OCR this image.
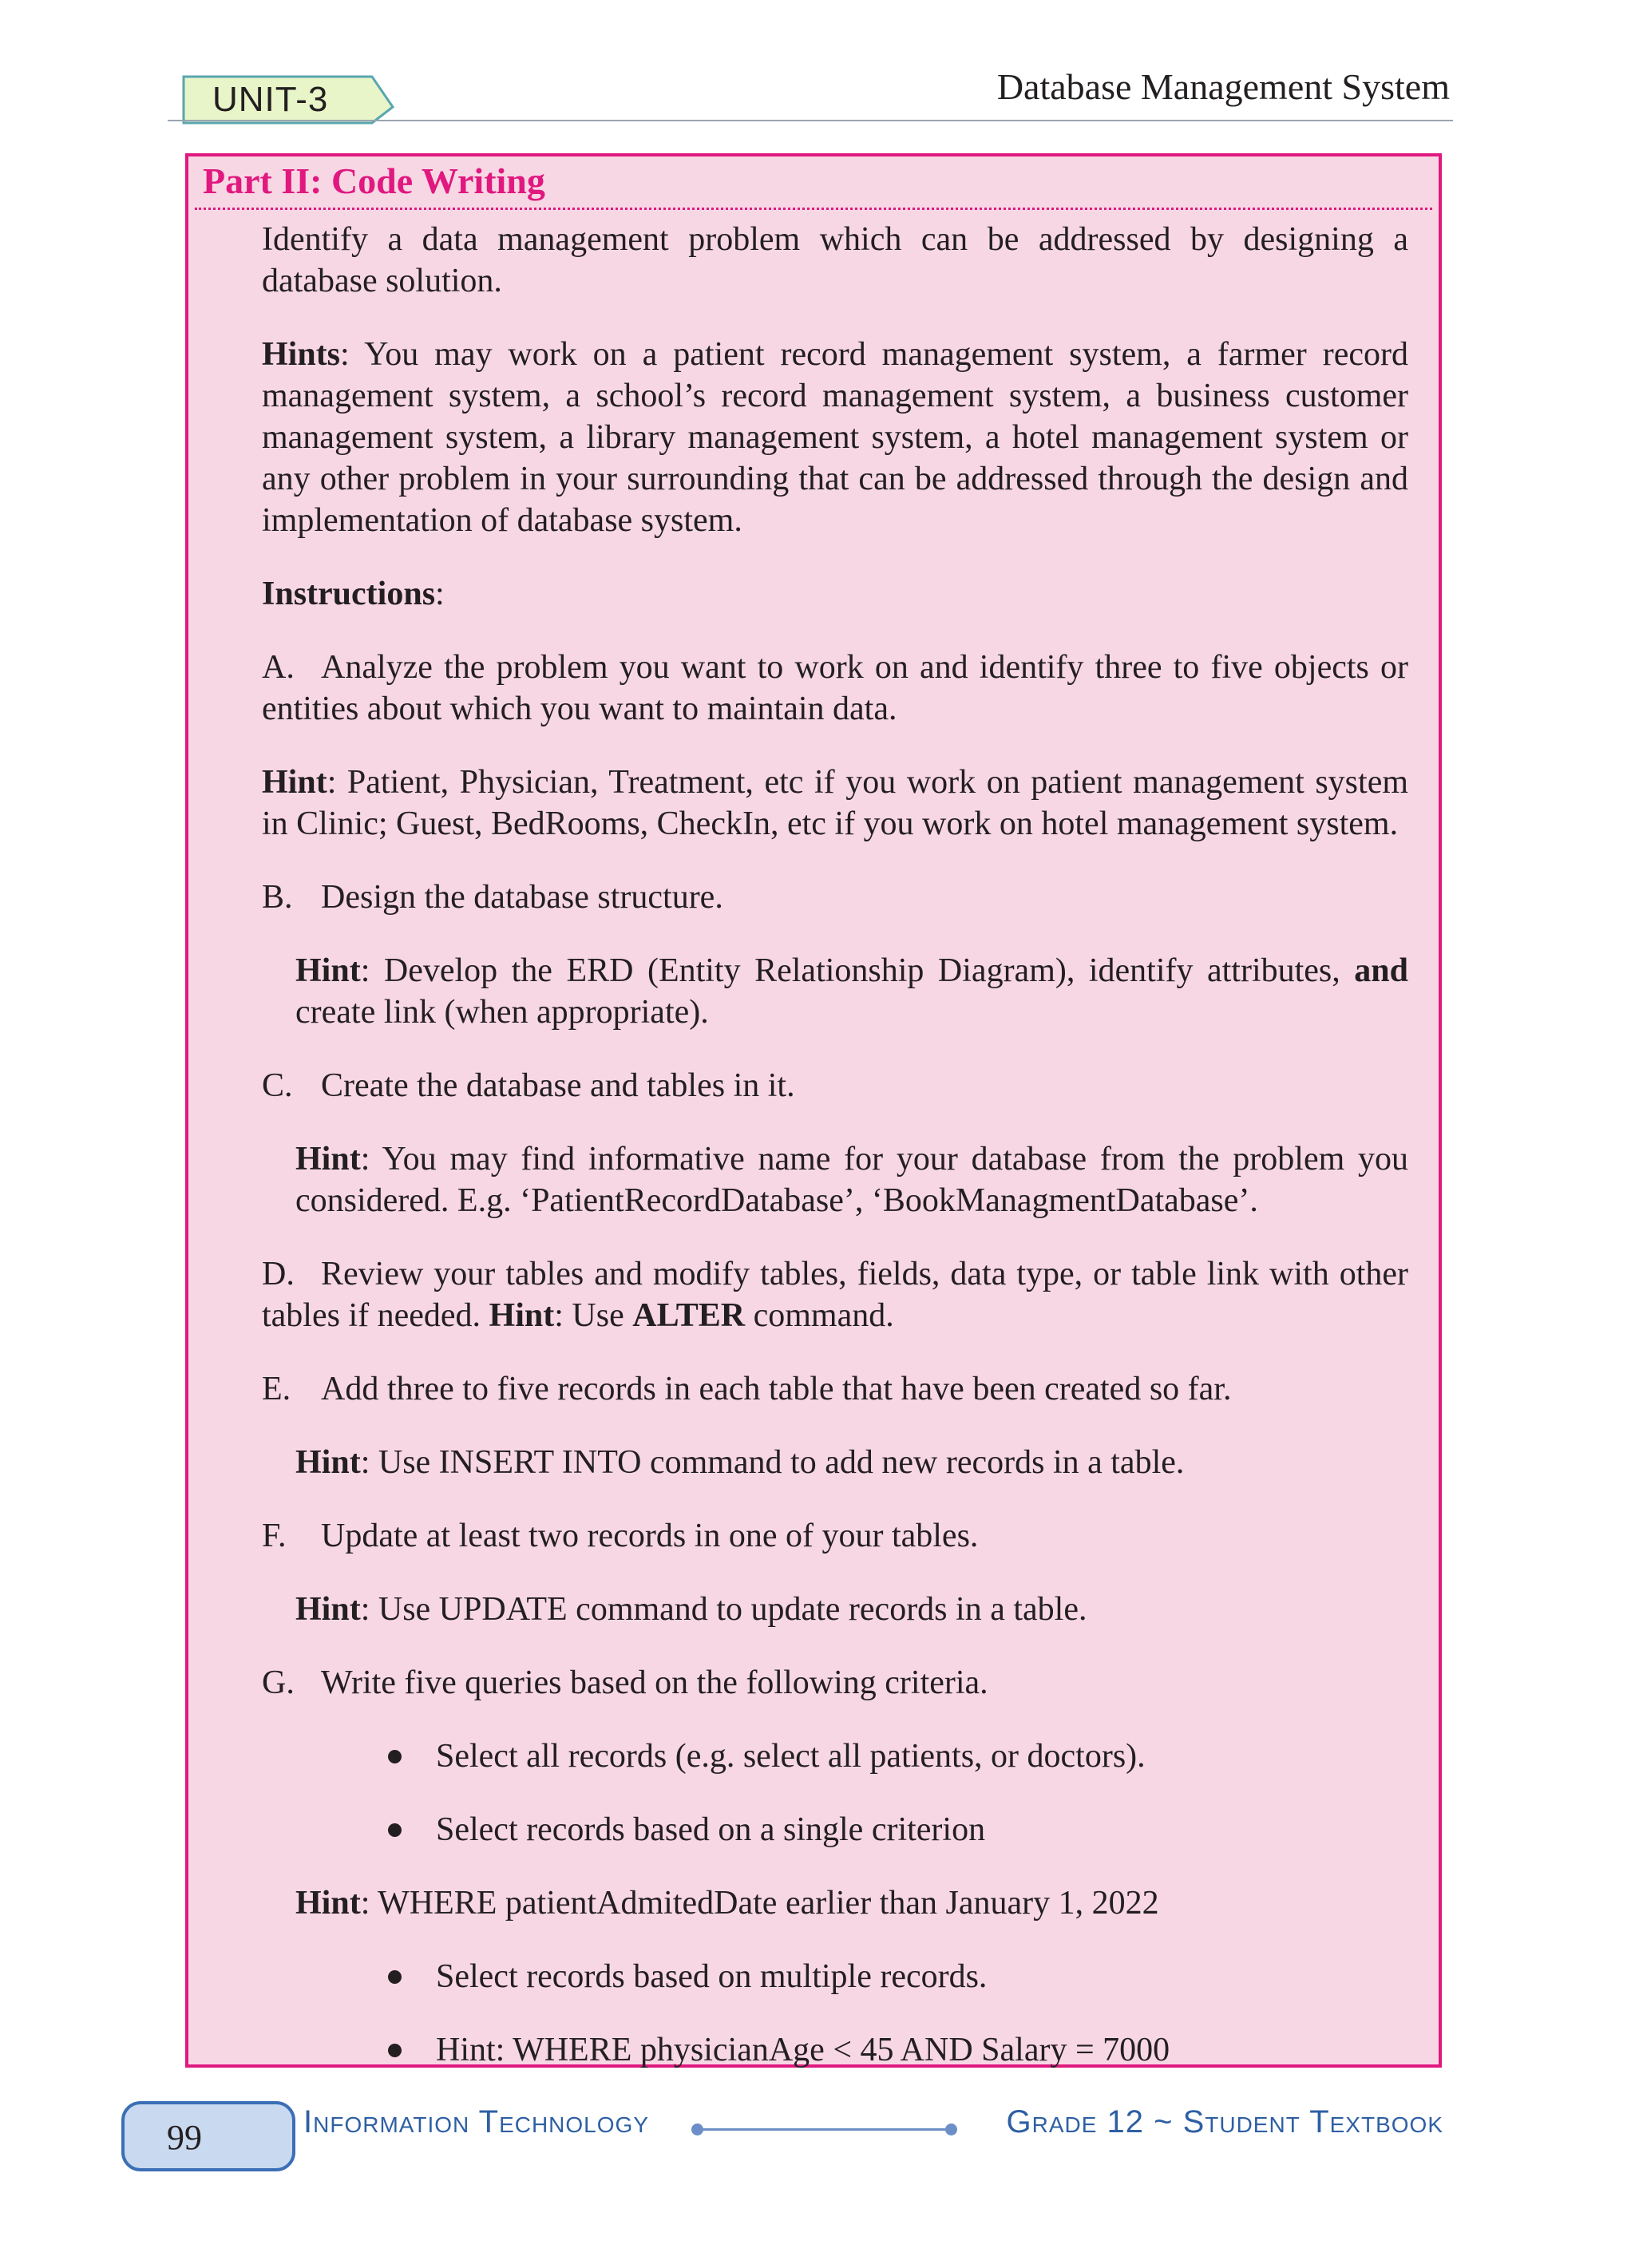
UNIT-3	Database Management System
Part II: Code Writing

Identify a data management problem which can be addressed by designing a database solution.

Hints: You may work on a patient record management system, a farmer record management system, a school’s record management system, a business customer management system, a library management system, a hotel management system or any other problem in your surrounding that can be addressed through the design and implementation of database system.

Instructions:

A. Analyze the problem you want to work on and identify three to five objects or entities about which you want to maintain data.

Hint: Patient, Physician, Treatment, etc if you work on patient management system in Clinic; Guest, BedRooms, CheckIn, etc if you work on hotel management system.

B. Design the database structure.

Hint: Develop the ERD (Entity Relationship Diagram), identify attributes, and create link (when appropriate).

C. Create the database and tables in it.

Hint: You may find informative name for your database from the problem you considered. E.g. ‘PatientRecordDatabase’, ‘BookManagmentDatabase’.

D. Review your tables and modify tables, fields, data type, or table link with other tables if needed. Hint: Use ALTER command.

E. Add three to five records in each table that have been created so far.

Hint: Use INSERT INTO command to add new records in a table.

F. Update at least two records in one of your tables.

Hint: Use UPDATE command to update records in a table.

G. Write five queries based on the following criteria.

Select all records (e.g. select all patients, or doctors).

Select records based on a single criterion

Hint: WHERE patientAdmitedDate earlier than January 1, 2022

Select records based on multiple records.

Hint: WHERE physicianAge < 45 AND Salary = 7000

99	Information Technology	Grade 12 ~ Student Textbook
